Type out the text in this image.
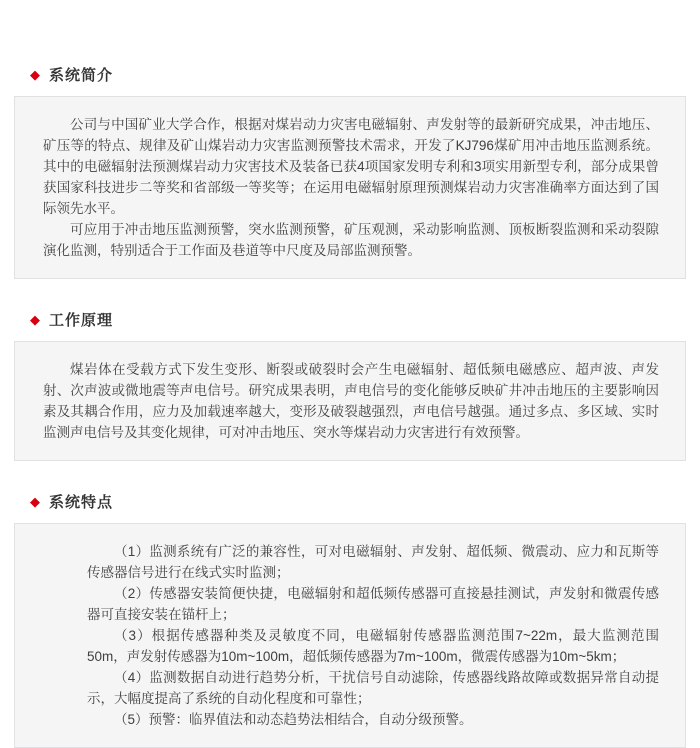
◆ 系统简介

公司与中国矿业大学合作，根据对煤岩动力灾害电磁辐射、声发射等的最新研究成果，冲击地压、矿压等的特点、规律及矿山煤岩动力灾害监测预警技术需求，开发了KJ796煤矿用冲击地压监测系统。其中的电磁辐射法预测煤岩动力灾害技术及装备已获4项国家发明专利和3项实用新型专利，部分成果曾获国家科技进步二等奖和省部级一等奖等；在运用电磁辐射原理预测煤岩动力灾害准确率方面达到了国际领先水平。

可应用于冲击地压监测预警，突水监测预警，矿压观测，采动影响监测、顶板断裂监测和采动裂隙演化监测，特别适合于工作面及巷道等中尺度及局部监测预警。

◆ 工作原理

煤岩体在受载方式下发生变形、断裂或破裂时会产生电磁辐射、超低频电磁感应、超声波、声发射、次声波或微地震等声电信号。研究成果表明，声电信号的变化能够反映矿井冲击地压的主要影响因素及其耦合作用，应力及加载速率越大，变形及破裂越强烈，声电信号越强。通过多点、多区域、实时监测声电信号及其变化规律，可对冲击地压、突水等煤岩动力灾害进行有效预警。

◆ 系统特点

（1）监测系统有广泛的兼容性，可对电磁辐射、声发射、超低频、微震动、应力和瓦斯等传感器信号进行在线式实时监测；

（2）传感器安装简便快捷，电磁辐射和超低频传感器可直接悬挂测试，声发射和微震传感器可直接安装在锚杆上；

（3）根据传感器种类及灵敏度不同，电磁辐射传感器监测范围7~22m，最大监测范围50m，声发射传感器为10m~100m，超低频传感器为7m~100m，微震传感器为10m~5km；

（4）监测数据自动进行趋势分析，干扰信号自动滤除，传感器线路故障或数据异常自动提示，大幅度提高了系统的自动化程度和可靠性；

（5）预警：临界值法和动态趋势法相结合，自动分级预警。
